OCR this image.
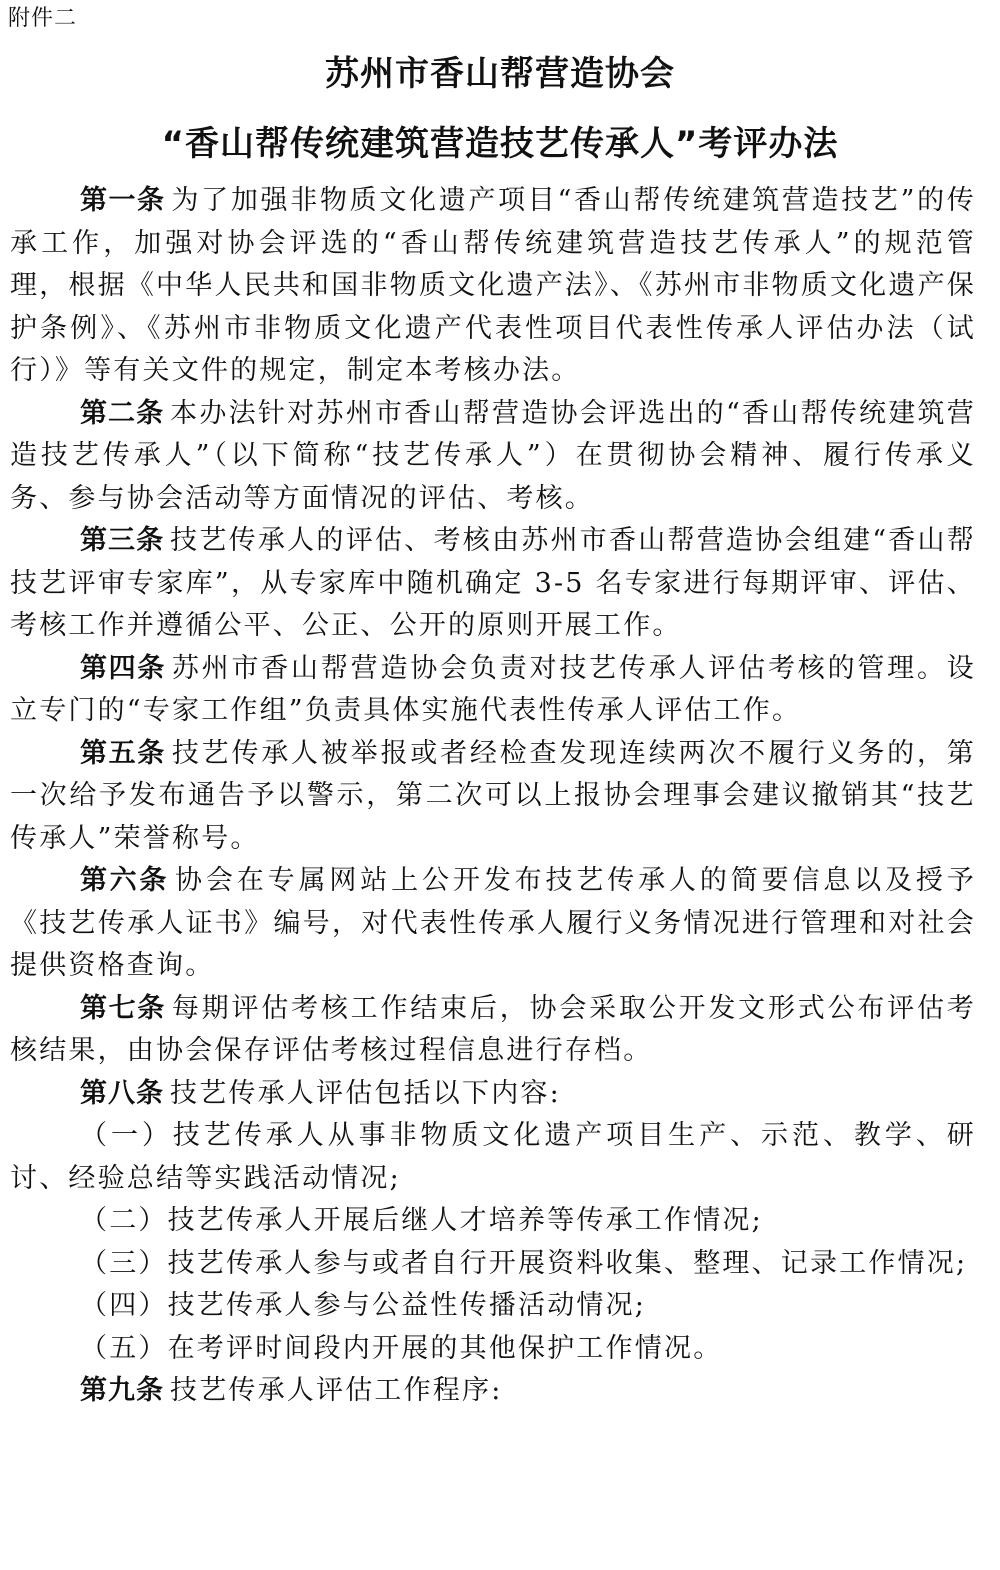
附件二
苏州市香山帮营造协会
“香山帮传统建筑营造技艺传承人”考评办法

第一条 为了加强非物质文化遗产项目“香山帮传统建筑营造技艺”的传承工作，加强对协会评选的“香山帮传统建筑营造技艺传承人”的规范管理，根据《中华人民共和国非物质文化遗产法》、《苏州市非物质文化遗产保护条例》、《苏州市非物质文化遗产代表性项目代表性传承人评估办法（试行）》等有关文件的规定，制定本考核办法。

第二条 本办法针对苏州市香山帮营造协会评选出的“香山帮传统建筑营造技艺传承人”（以下简称“技艺传承人”）在贯彻协会精神、履行传承义务、参与协会活动等方面情况的评估、考核。

第三条 技艺传承人的评估、考核由苏州市香山帮营造协会组建“香山帮技艺评审专家库”，从专家库中随机确定 3-5 名专家进行每期评审、评估、考核工作并遵循公平、公正、公开的原则开展工作。

第四条 苏州市香山帮营造协会负责对技艺传承人评估考核的管理。设立专门的“专家工作组”负责具体实施代表性传承人评估工作。

第五条 技艺传承人被举报或者经检查发现连续两次不履行义务的，第一次给予发布通告予以警示，第二次可以上报协会理事会建议撤销其“技艺传承人”荣誉称号。

第六条 协会在专属网站上公开发布技艺传承人的简要信息以及授予《技艺传承人证书》编号，对代表性传承人履行义务情况进行管理和对社会提供资格查询。

第七条 每期评估考核工作结束后，协会采取公开发文形式公布评估考核结果，由协会保存评估考核过程信息进行存档。

第八条 技艺传承人评估包括以下内容:

（一）技艺传承人从事非物质文化遗产项目生产、示范、教学、研讨、经验总结等实践活动情况;

（二）技艺传承人开展后继人才培养等传承工作情况;

（三）技艺传承人参与或者自行开展资料收集、整理、记录工作情况;

（四）技艺传承人参与公益性传播活动情况;

（五）在考评时间段内开展的其他保护工作情况。

第九条 技艺传承人评估工作程序:
